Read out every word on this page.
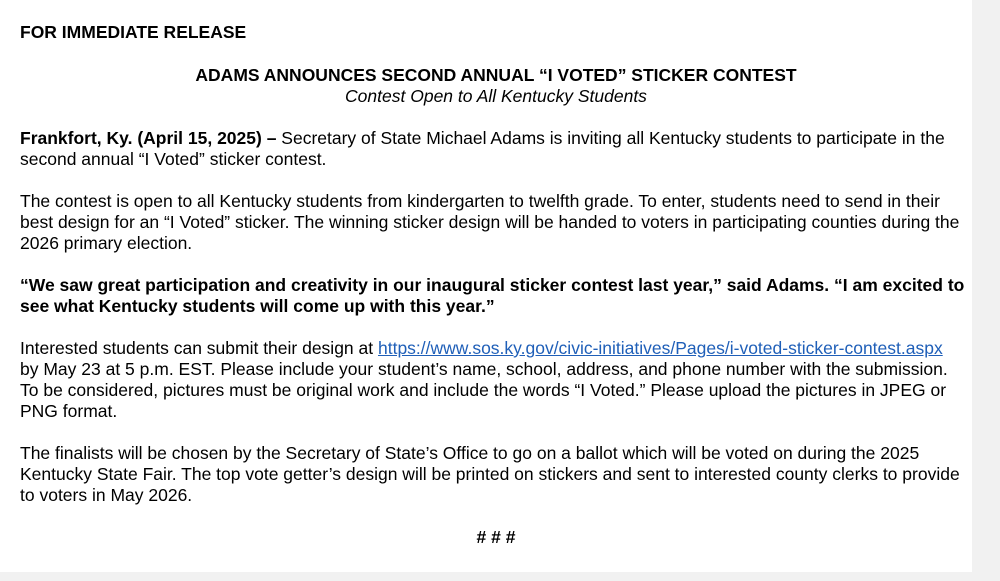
FOR IMMEDIATE RELEASE
ADAMS ANNOUNCES SECOND ANNUAL “I VOTED” STICKER CONTEST
Contest Open to All Kentucky Students

Frankfort, Ky. (April 15, 2025) – Secretary of State Michael Adams is inviting all Kentucky students to participate in the second annual “I Voted” sticker contest.

The contest is open to all Kentucky students from kindergarten to twelfth grade. To enter, students need to send in their best design for an “I Voted” sticker. The winning sticker design will be handed to voters in participating counties during the 2026 primary election.

“We saw great participation and creativity in our inaugural sticker contest last year,” said Adams. “I am excited to see what Kentucky students will come up with this year.”

Interested students can submit their design at https://www.sos.ky.gov/civic-initiatives/Pages/i-voted-sticker-contest.aspx by May 23 at 5 p.m. EST. Please include your student’s name, school, address, and phone number with the submission. To be considered, pictures must be original work and include the words “I Voted.” Please upload the pictures in JPEG or PNG format.

The finalists will be chosen by the Secretary of State’s Office to go on a ballot which will be voted on during the 2025 Kentucky State Fair. The top vote getter’s design will be printed on stickers and sent to interested county clerks to provide to voters in May 2026.

# # #
